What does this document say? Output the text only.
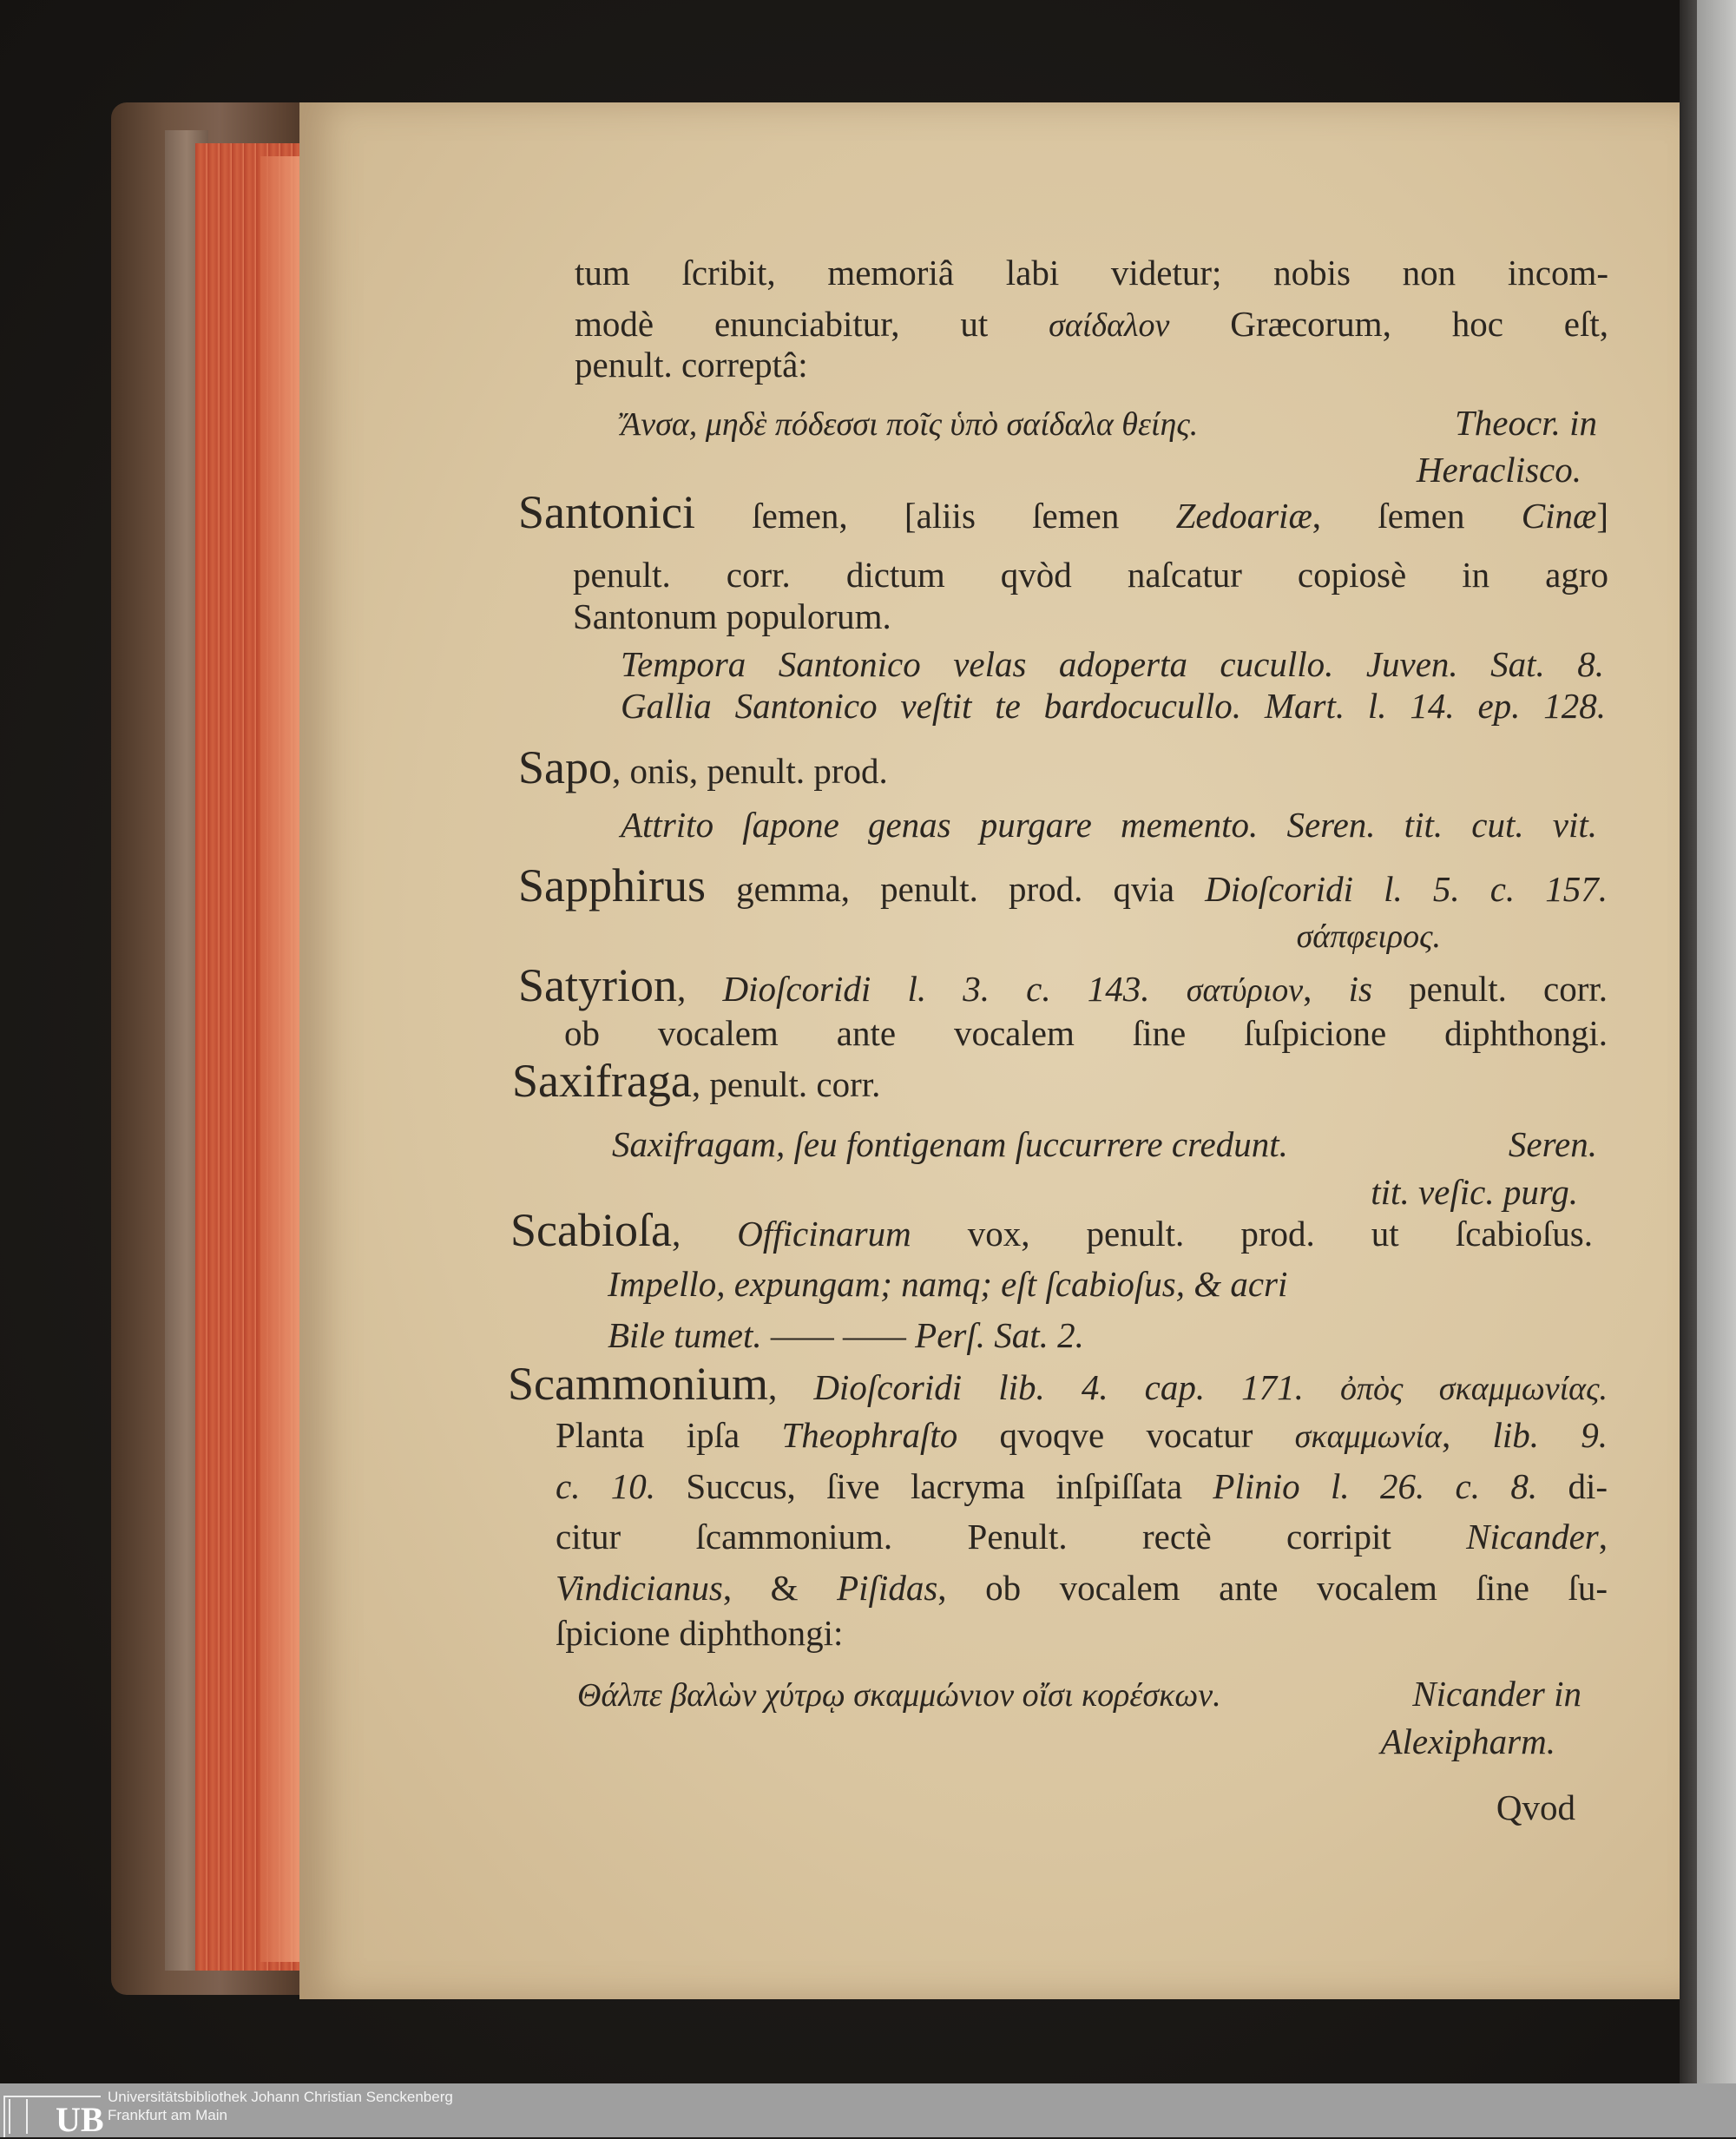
tum ſcribit, memoriâ labi videtur; nobis non incom-
modè enunciabitur, ut σαίδαλον Græcorum, hoc eſt,
penult. correptâ:
Ἄνσα, μηδὲ πόδεσσι ποῖς ὑπὸ σαίδαλα θείης.	Theocr. in
Heraclisco.
Santonici ſemen, [aliis ſemen Zedoariæ, ſemen Cinæ]
penult. corr. dictum qvòd naſcatur copiosè in agro
Santonum populorum.
Tempora Santonico velas adoperta cucullo. Juven. Sat. 8.
Gallia Santonico veſtit te bardocucullo. Mart. l. 14. ep. 128.
Sapo, onis, penult. prod.
Attrito ſapone genas purgare memento. Seren. tit. cut. vit.
Sapphirus gemma, penult. prod. qvia Dioſcoridi l. 5. c. 157.
σάπφειρος.
Satyrion, Dioſcoridi l. 3. c. 143. σατύριον, is penult. corr.
ob vocalem ante vocalem ſine ſuſpicione diphthongi.
Saxifraga, penult. corr.
Saxifragam, ſeu fontigenam ſuccurrere credunt.	Seren.
tit. veſic. purg.
Scabioſa, Officinarum vox, penult. prod. ut ſcabioſus.
Impello, expungam; namq; eſt ſcabioſus, & acri
Bile tumet. —— —— Perſ. Sat. 2.
Scammonium, Dioſcoridi lib. 4. cap. 171. ὀπὸς σκαμμωνίας.
Planta ipſa Theophraſto qvoqve vocatur σκαμμωνία, lib. 9.
c. 10. Succus, ſive lacryma inſpiſſata Plinio l. 26. c. 8. di-
citur ſcammonium. Penult. rectè corripit Nicander,
Vindicianus, & Piſidas, ob vocalem ante vocalem ſine ſu-
ſpicione diphthongi:
Θάλπε βαλὼν χύτρῳ σκαμμώνιον οἴσι κορέσκων.	Nicander in
Alexipharm.
Qvod
UB
Universitätsbibliothek Johann Christian Senckenberg
Frankfurt am Main
